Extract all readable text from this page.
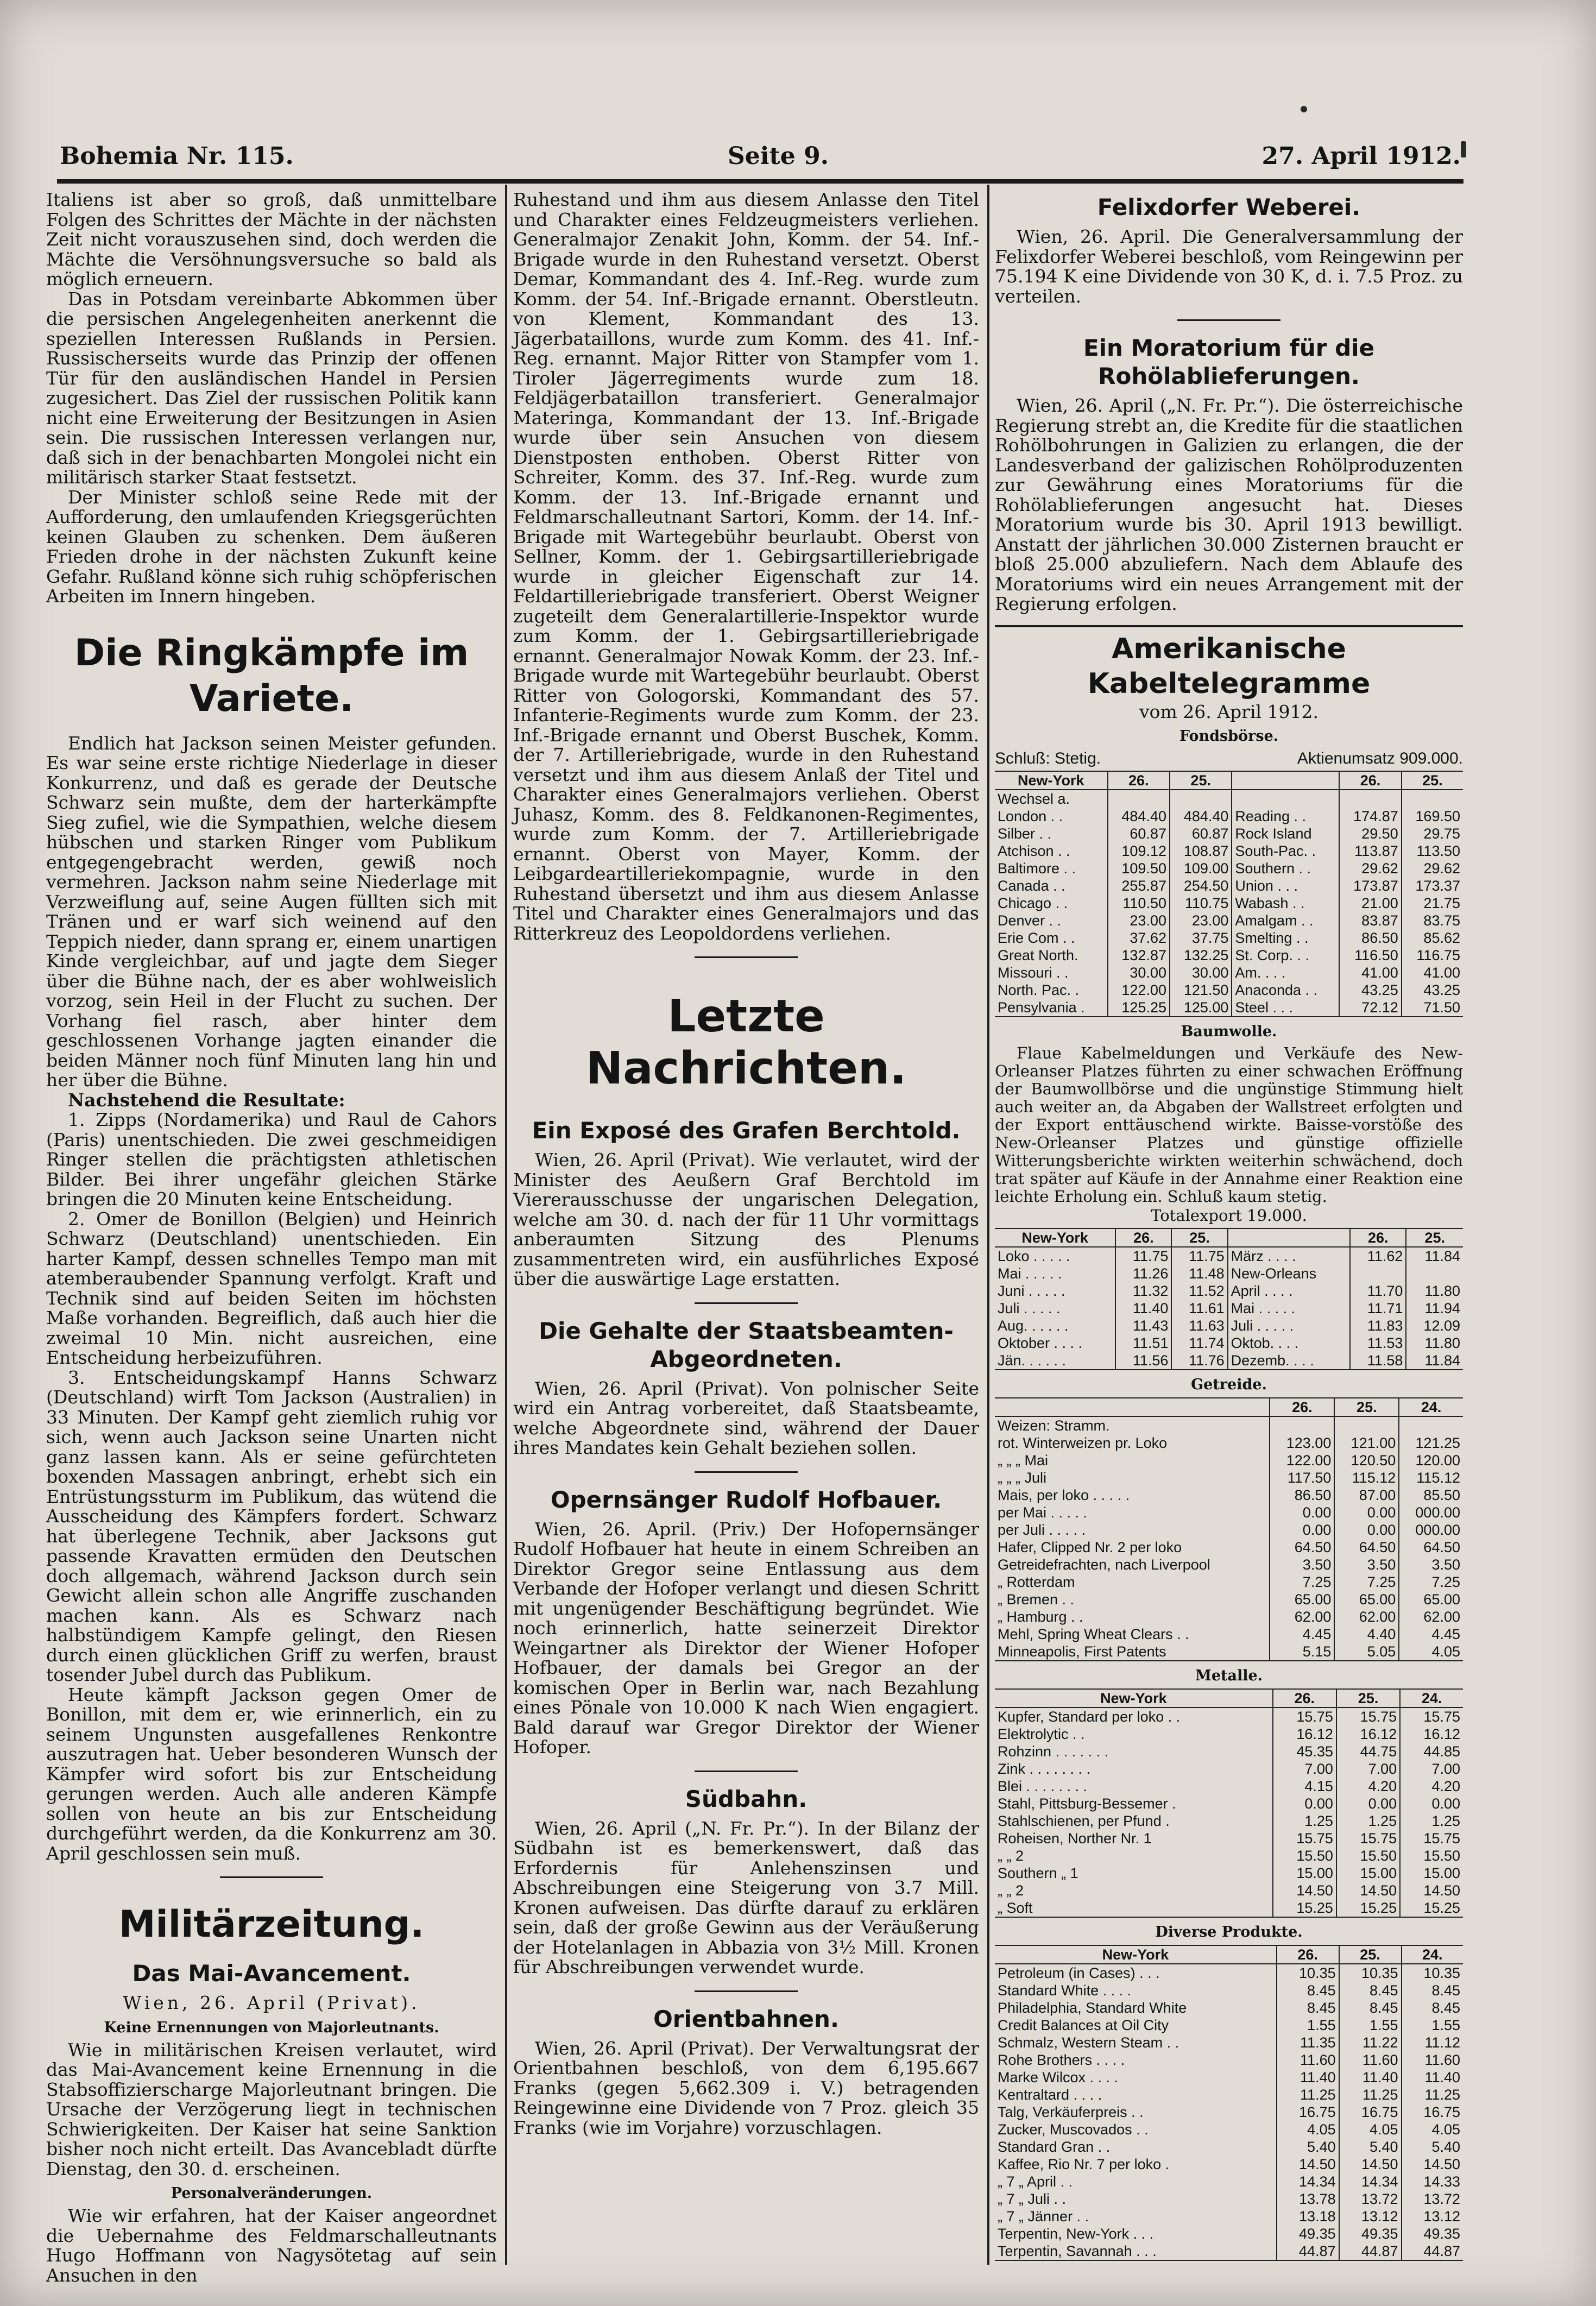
Bohemia Nr. 115.	Seite 9.	27. April 1912.

Italiens ist aber so groß, daß unmittelbare Folgen des Schrittes der Mächte in der nächsten Zeit nicht vorauszusehen sind, doch werden die Mächte die Versöhnungsversuche so bald als möglich erneuern.

Das in Potsdam vereinbarte Abkommen über die persischen Angelegenheiten anerkennt die speziellen Interessen Rußlands in Persien. Russischerseits wurde das Prinzip der offenen Tür für den ausländischen Handel in Persien zugesichert. Das Ziel der russischen Politik kann nicht eine Erweiterung der Besitzungen in Asien sein. Die russischen Interessen verlangen nur, daß sich in der benachbarten Mongolei nicht ein militärisch starker Staat festsetzt.

Der Minister schloß seine Rede mit der Aufforderung, den umlaufenden Kriegsgerüchten keinen Glauben zu schenken. Dem äußeren Frieden drohe in der nächsten Zukunft keine Gefahr. Rußland könne sich ruhig schöpferischen Arbeiten im Innern hingeben.

Die Ringkämpfe im Variete.

Endlich hat Jackson seinen Meister gefunden. Es war seine erste richtige Niederlage in dieser Konkurrenz, und daß es gerade der Deutsche Schwarz sein mußte, dem der harterkämpfte Sieg zufiel, wie die Sympathien, welche diesem hübschen und starken Ringer vom Publikum entgegengebracht werden, gewiß noch vermehren. Jackson nahm seine Niederlage mit Verzweiflung auf, seine Augen füllten sich mit Tränen und er warf sich weinend auf den Teppich nieder, dann sprang er, einem unartigen Kinde vergleichbar, auf und jagte dem Sieger über die Bühne nach, der es aber wohlweislich vorzog, sein Heil in der Flucht zu suchen. Der Vorhang fiel rasch, aber hinter dem geschlossenen Vorhange jagten einander die beiden Männer noch fünf Minuten lang hin und her über die Bühne.

Nachstehend die Resultate:

1. Zipps (Nordamerika) und Raul de Cahors (Paris) unentschieden. Die zwei geschmeidigen Ringer stellen die prächtigsten athletischen Bilder. Bei ihrer ungefähr gleichen Stärke bringen die 20 Minuten keine Entscheidung.

2. Omer de Bonillon (Belgien) und Heinrich Schwarz (Deutschland) unentschieden. Ein harter Kampf, dessen schnelles Tempo man mit atemberaubender Spannung verfolgt. Kraft und Technik sind auf beiden Seiten im höchsten Maße vorhanden. Begreiflich, daß auch hier die zweimal 10 Min. nicht ausreichen, eine Entscheidung herbeizuführen.

3. Entscheidungskampf Hanns Schwarz (Deutschland) wirft Tom Jackson (Australien) in 33 Minuten. Der Kampf geht ziemlich ruhig vor sich, wenn auch Jackson seine Unarten nicht ganz lassen kann. Als er seine gefürchteten boxenden Massagen anbringt, erhebt sich ein Entrüstungssturm im Publikum, das wütend die Ausscheidung des Kämpfers fordert. Schwarz hat überlegene Technik, aber Jacksons gut passende Kravatten ermüden den Deutschen doch allgemach, während Jackson durch sein Gewicht allein schon alle Angriffe zuschanden machen kann. Als es Schwarz nach halbstündigem Kampfe gelingt, den Riesen durch einen glücklichen Griff zu werfen, braust tosender Jubel durch das Publikum.

Heute kämpft Jackson gegen Omer de Bonillon, mit dem er, wie erinnerlich, ein zu seinem Ungunsten ausgefallenes Renkontre auszutragen hat. Ueber besonderen Wunsch der Kämpfer wird sofort bis zur Entscheidung gerungen werden. Auch alle anderen Kämpfe sollen von heute an bis zur Entscheidung durchgeführt werden, da die Konkurrenz am 30. April geschlossen sein muß.

Militärzeitung.
Das Mai-Avancement.

Wien, 26. April (Privat).

Keine Ernennungen von Majorleutnants.

Wie in militärischen Kreisen verlautet, wird das Mai-Avancement keine Ernennung in die Stabsoffizierscharge Majorleutnant bringen. Die Ursache der Verzögerung liegt in technischen Schwierigkeiten. Der Kaiser hat seine Sanktion bisher noch nicht erteilt. Das Avancebladt dürfte Dienstag, den 30. d. erscheinen.

Personalveränderungen.

Wie wir erfahren, hat der Kaiser angeordnet die Uebernahme des Feldmarschalleutnants Hugo Hoffmann von Nagysötetag auf sein Ansuchen in den

Ruhestand und ihm aus diesem Anlasse den Titel und Charakter eines Feldzeugmeisters verliehen. Generalmajor Zenakit John, Komm. der 54. Inf.-Brigade wurde in den Ruhestand versetzt. Oberst Demar, Kommandant des 4. Inf.-Reg. wurde zum Komm. der 54. Inf.-Brigade ernannt. Oberstleutn. von Klement, Kommandant des 13. Jägerbataillons, wurde zum Komm. des 41. Inf.-Reg. ernannt. Major Ritter von Stampfer vom 1. Tiroler Jägerregiments wurde zum 18. Feldjägerbataillon transferiert. Generalmajor Materinga, Kommandant der 13. Inf.-Brigade wurde über sein Ansuchen von diesem Dienstposten enthoben. Oberst Ritter von Schreiter, Komm. des 37. Inf.-Reg. wurde zum Komm. der 13. Inf.-Brigade ernannt und Feldmarschalleutnant Sartori, Komm. der 14. Inf.-Brigade mit Wartegebühr beurlaubt. Oberst von Sellner, Komm. der 1. Gebirgsartilleriebrigade wurde in gleicher Eigenschaft zur 14. Feldartilleriebrigade transferiert. Oberst Weigner zugeteilt dem Generalartillerie-Inspektor wurde zum Komm. der 1. Gebirgsartilleriebrigade ernannt. Generalmajor Nowak Komm. der 23. Inf.-Brigade wurde mit Wartegebühr beurlaubt. Oberst Ritter von Gologorski, Kommandant des 57. Infanterie-Regiments wurde zum Komm. der 23. Inf.-Brigade ernannt und Oberst Buschek, Komm. der 7. Artilleriebrigade, wurde in den Ruhestand versetzt und ihm aus diesem Anlaß der Titel und Charakter eines Generalmajors verliehen. Oberst Juhasz, Komm. des 8. Feldkanonen-Regimentes, wurde zum Komm. der 7. Artilleriebrigade ernannt. Oberst von Mayer, Komm. der Leibgardeartilleriekompagnie, wurde in den Ruhestand übersetzt und ihm aus diesem Anlasse Titel und Charakter eines Generalmajors und das Ritterkreuz des Leopoldordens verliehen.

Letzte Nachrichten.
Ein Exposé des Grafen Berchtold.

Wien, 26. April (Privat). Wie verlautet, wird der Minister des Aeußern Graf Berchtold im Viererausschusse der ungarischen Delegation, welche am 30. d. nach der für 11 Uhr vormittags anberaumten Sitzung des Plenums zusammentreten wird, ein ausführliches Exposé über die auswärtige Lage erstatten.

Die Gehalte der Staatsbeamten-Abgeordneten.

Wien, 26. April (Privat). Von polnischer Seite wird ein Antrag vorbereitet, daß Staatsbeamte, welche Abgeordnete sind, während der Dauer ihres Mandates kein Gehalt beziehen sollen.

Opernsänger Rudolf Hofbauer.

Wien, 26. April. (Priv.) Der Hofopernsänger Rudolf Hofbauer hat heute in einem Schreiben an Direktor Gregor seine Entlassung aus dem Verbande der Hofoper verlangt und diesen Schritt mit ungenügender Beschäftigung begründet. Wie noch erinnerlich, hatte seinerzeit Direktor Weingartner als Direktor der Wiener Hofoper Hofbauer, der damals bei Gregor an der komischen Oper in Berlin war, nach Bezahlung eines Pönale von 10.000 K nach Wien engagiert. Bald darauf war Gregor Direktor der Wiener Hofoper.

Südbahn.

Wien, 26. April („N. Fr. Pr.“). In der Bilanz der Südbahn ist es bemerkenswert, daß das Erfordernis für Anlehenszinsen und Abschreibungen eine Steigerung von 3.7 Mill. Kronen aufweisen. Das dürfte darauf zu erklären sein, daß der große Gewinn aus der Veräußerung der Hotelanlagen in Abbazia von 3½ Mill. Kronen für Abschreibungen verwendet wurde.

Orientbahnen.

Wien, 26. April (Privat). Der Verwaltungsrat der Orientbahnen beschloß, von dem 6,195.667 Franks (gegen 5,662.309 i. V.) betragenden Reingewinne eine Dividende von 7 Proz. gleich 35 Franks (wie im Vorjahre) vorzuschlagen.

Felixdorfer Weberei.

Wien, 26. April. Die Generalversammlung der Felixdorfer Weberei beschloß, vom Reingewinn per 75.194 K eine Dividende von 30 K, d. i. 7.5 Proz. zu verteilen.

Ein Moratorium für die Rohölablieferungen.

Wien, 26. April („N. Fr. Pr.“). Die österreichische Regierung strebt an, die Kredite für die staatlichen Rohölbohrungen in Galizien zu erlangen, die der Landesverband der galizischen Rohölproduzenten zur Gewährung eines Moratoriums für die Rohölablieferungen angesucht hat. Dieses Moratorium wurde bis 30. April 1913 bewilligt. Anstatt der jährlichen 30.000 Zisternen braucht er bloß 25.000 abzuliefern. Nach dem Ablaufe des Moratoriums wird ein neues Arrangement mit der Regierung erfolgen.

Amerikanische Kabeltelegramme

vom 26. April 1912.

Fondsbörse.
Schluß: Stetig.	Aktienumsatz 909.000.
New-York	26.	25.		26.	25.
Wechsel a.					
London . .	484.40	484.40	Reading . .	174.87	169.50
Silber . .	60.87	60.87	Rock Island	29.50	29.75
Atchison . .	109.12	108.87	South-Pac. .	113.87	113.50
Baltimore . .	109.50	109.00	Southern . .	29.62	29.62
Canada . .	255.87	254.50	Union . . .	173.87	173.37
Chicago . .	110.50	110.75	Wabash . .	21.00	21.75
Denver . .	23.00	23.00	Amalgam . .	83.87	83.75
Erie Com . .	37.62	37.75	Smelting . .	86.50	85.62
Great North.	132.87	132.25	St. Corp. . .	116.50	116.75
Missouri . .	30.00	30.00	Am. . . .	41.00	41.00
North. Pac. .	122.00	121.50	Anaconda . .	43.25	43.25
Pensylvania .	125.25	125.00	Steel . . .	72.12	71.50
Baumwolle.

Flaue Kabelmeldungen und Verkäufe des New-Orleanser Platzes führten zu einer schwachen Eröffnung der Baumwollbörse und die ungünstige Stimmung hielt auch weiter an, da Abgaben der Wallstreet erfolgten und der Export enttäuschend wirkte. Baisse-vorstöße des New-Orleanser Platzes und günstige offizielle Witterungsberichte wirkten weiterhin schwächend, doch trat später auf Käufe in der Annahme einer Reaktion eine leichte Erholung ein. Schluß kaum stetig.

Totalexport 19.000.

New-York	26.	25.		26.	25.
Loko . . . . .	11.75	11.75	März . . . .	11.62	11.84
Mai . . . . .	11.26	11.48	New-Orleans		
Juni . . . . .	11.32	11.52	April . . . .	11.70	11.80
Juli . . . . .	11.40	11.61	Mai . . . . .	11.71	11.94
Aug. . . . . .	11.43	11.63	Juli . . . . .	11.83	12.09
Oktober . . . .	11.51	11.74	Oktob. . . .	11.53	11.80
Jän. . . . . .	11.56	11.76	Dezemb. . . .	11.58	11.84
Getreide.
	26.	25.	24.
Weizen: Stramm.			
rot. Winterweizen pr. Loko	123.00	121.00	121.25
„ „ „ Mai	122.00	120.50	120.00
„ „ „ Juli	117.50	115.12	115.12
Mais, per loko . . . . .	86.50	87.00	85.50
per Mai . . . . .	0.00	0.00	000.00
per Juli . . . . .	0.00	0.00	000.00
Hafer, Clipped Nr. 2 per loko	64.50	64.50	64.50
Getreidefrachten, nach Liverpool	3.50	3.50	3.50
„ Rotterdam	7.25	7.25	7.25
„ Bremen . .	65.00	65.00	65.00
„ Hamburg . .	62.00	62.00	62.00
Mehl, Spring Wheat Clears . .	4.45	4.40	4.45
Minneapolis, First Patents	5.15	5.05	4.05
Metalle.
New-York	26.	25.	24.
Kupfer, Standard per loko . .	15.75	15.75	15.75
Elektrolytic . .	16.12	16.12	16.12
Rohzinn . . . . . . .	45.35	44.75	44.85
Zink . . . . . . . .	7.00	7.00	7.00
Blei . . . . . . . .	4.15	4.20	4.20
Stahl, Pittsburg-Bessemer .	0.00	0.00	0.00
Stahlschienen, per Pfund .	1.25	1.25	1.25
Roheisen, Norther Nr. 1	15.75	15.75	15.75
„ „ 2	15.50	15.50	15.50
Southern „ 1	15.00	15.00	15.00
„ „ 2	14.50	14.50	14.50
„ Soft	15.25	15.25	15.25
Diverse Produkte.
New-York	26.	25.	24.
Petroleum (in Cases) . . .	10.35	10.35	10.35
Standard White . . . .	8.45	8.45	8.45
Philadelphia, Standard White	8.45	8.45	8.45
Credit Balances at Oil City	1.55	1.55	1.55
Schmalz, Western Steam . .	11.35	11.22	11.12
Rohe Brothers . . . .	11.60	11.60	11.60
Marke Wilcox . . . .	11.40	11.40	11.40
Kentraltard . . . .	11.25	11.25	11.25
Talg, Verkäuferpreis . .	16.75	16.75	16.75
Zucker, Muscovados . .	4.05	4.05	4.05
Standard Gran . .	5.40	5.40	5.40
Kaffee, Rio Nr. 7 per loko .	14.50	14.50	14.50
„ 7 „ April . .	14.34	14.34	14.33
„ 7 „ Juli . .	13.78	13.72	13.72
„ 7 „ Jänner . .	13.18	13.12	13.12
Terpentin, New-York . . .	49.35	49.35	49.35
Terpentin, Savannah . . .	44.87	44.87	44.87
